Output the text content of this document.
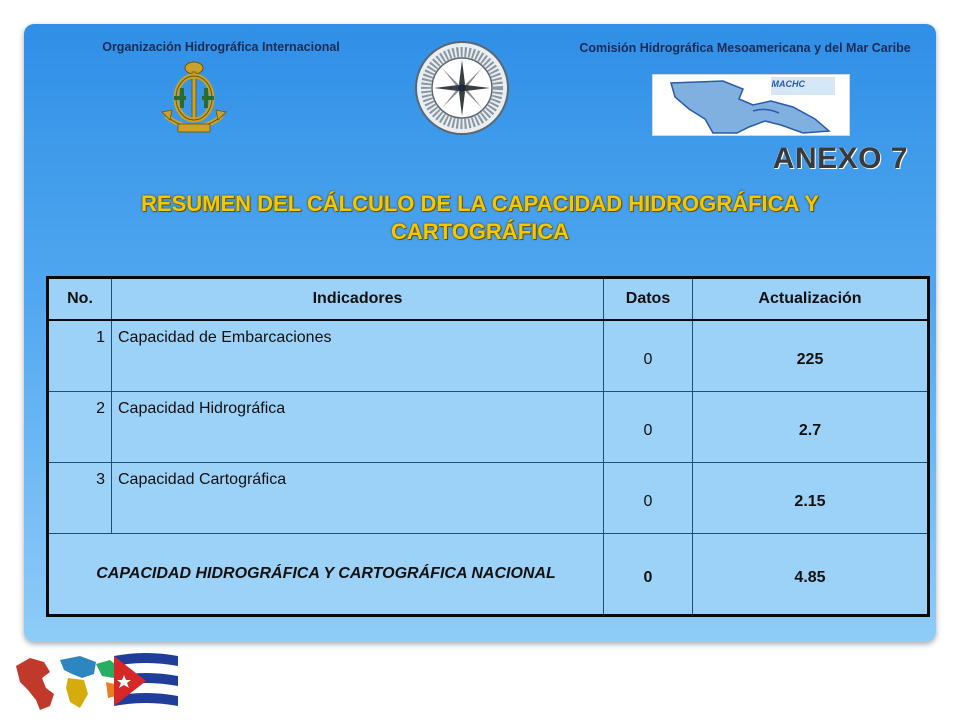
Organización Hidrográfica Internacional	Comisión Hidrográfica Mesoamericana y del Mar Caribe
MACHC
ANEXO 7
RESUMEN DEL CÁLCULO DE LA CAPACIDAD HIDROGRÁFICA Y CARTOGRÁFICA
No.	Indicadores	Datos	Actualización
1	Capacidad de Embarcaciones	0	225
2	Capacidad Hidrográfica	0	2.7
3	Capacidad Cartográfica	0	2.15
CAPACIDAD HIDROGRÁFICA Y CARTOGRÁFICA NACIONAL		0	4.85
